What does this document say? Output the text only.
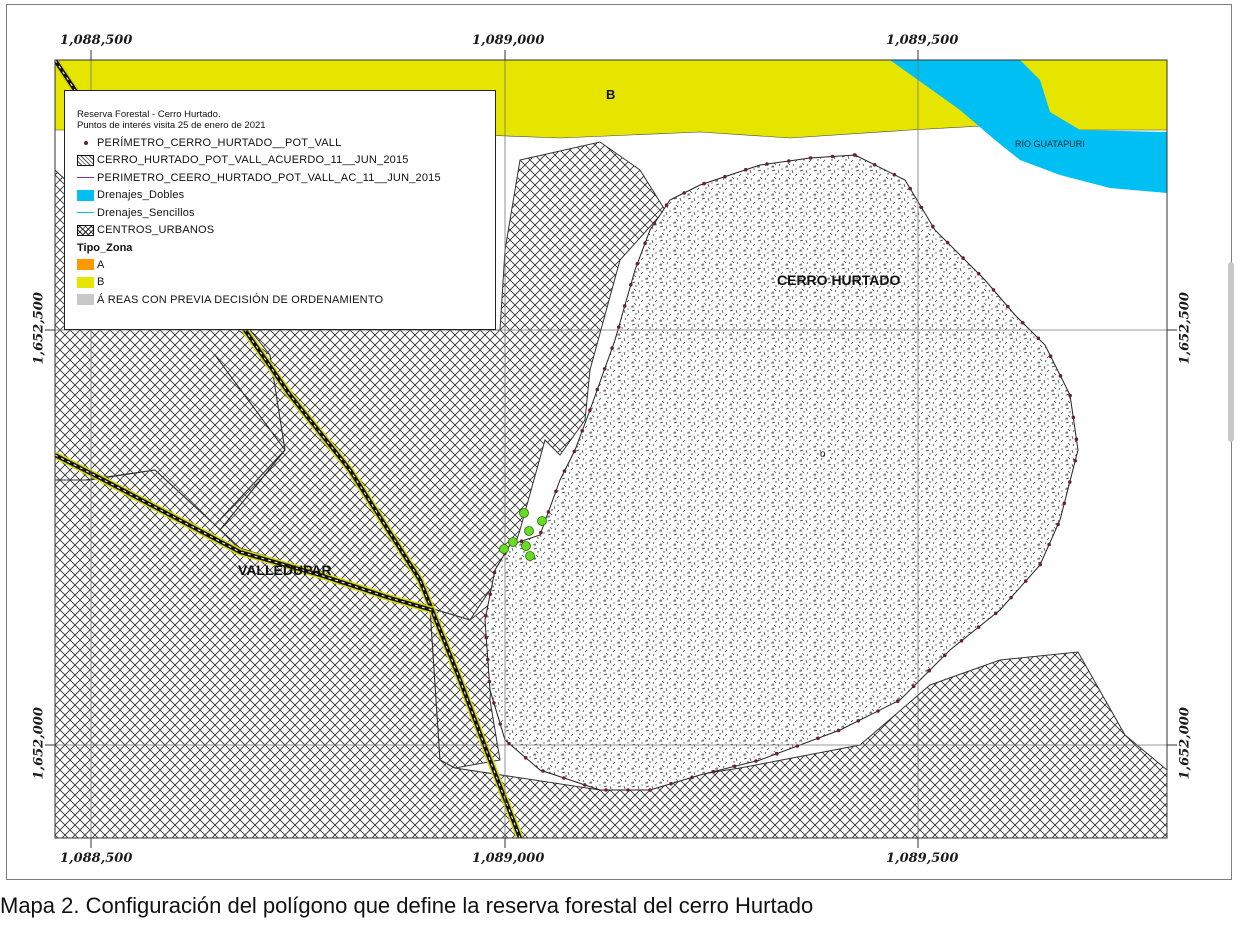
1,088,500	1,089,000	1,089,500
1,088,500	1,089,000	1,089,500
1,652,500
1,652,000
1,652,500
1,652,000
B
RIO GUATAPURI
CERRO HURTADO
VALLEDUPAR
o
Reserva Forestal - Cerro Hurtado.
Puntos de interés visita 25 de enero de 2021
PERÍMETRO_CERRO_HURTADO__POT_VALL
CERRO_HURTADO_POT_VALL_ACUERDO_11__JUN_2015
PERIMETRO_CEERO_HURTADO_POT_VALL_AC_11__JUN_2015
Drenajes_Dobles
Drenajes_Sencillos
CENTROS_URBANOS
Tipo_Zona
A
B
Á REAS CON PREVIA DECISIÓN DE ORDENAMIENTO
Mapa 2. Configuración del polígono que define la reserva forestal del cerro Hurtado
